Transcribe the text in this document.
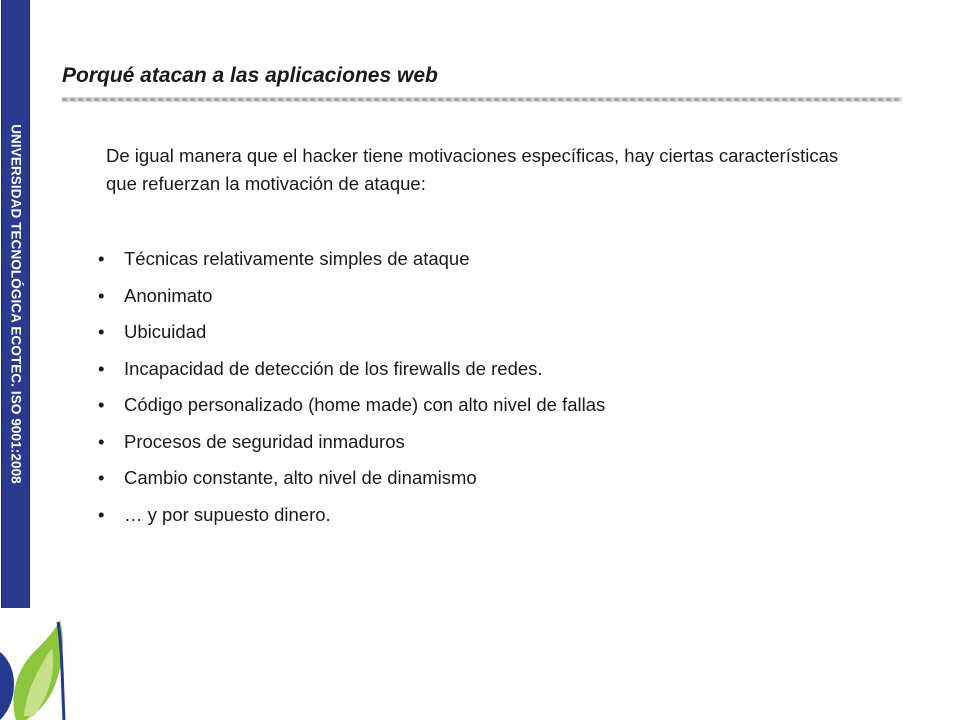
UNIVERSIDAD TECNOLÓGICA ECOTEC. ISO 9001:2008
Porqué atacan a las aplicaciones web

De igual manera que el hacker tiene motivaciones específicas, hay ciertas características que refuerzan la motivación de ataque:

• Técnicas relativamente simples de ataque
• Anonimato
• Ubicuidad
• Incapacidad de detección de los firewalls de redes.
• Código personalizado (home made) con alto nivel de fallas
• Procesos de seguridad inmaduros
• Cambio constante, alto nivel de dinamismo
• … y por supuesto dinero.
